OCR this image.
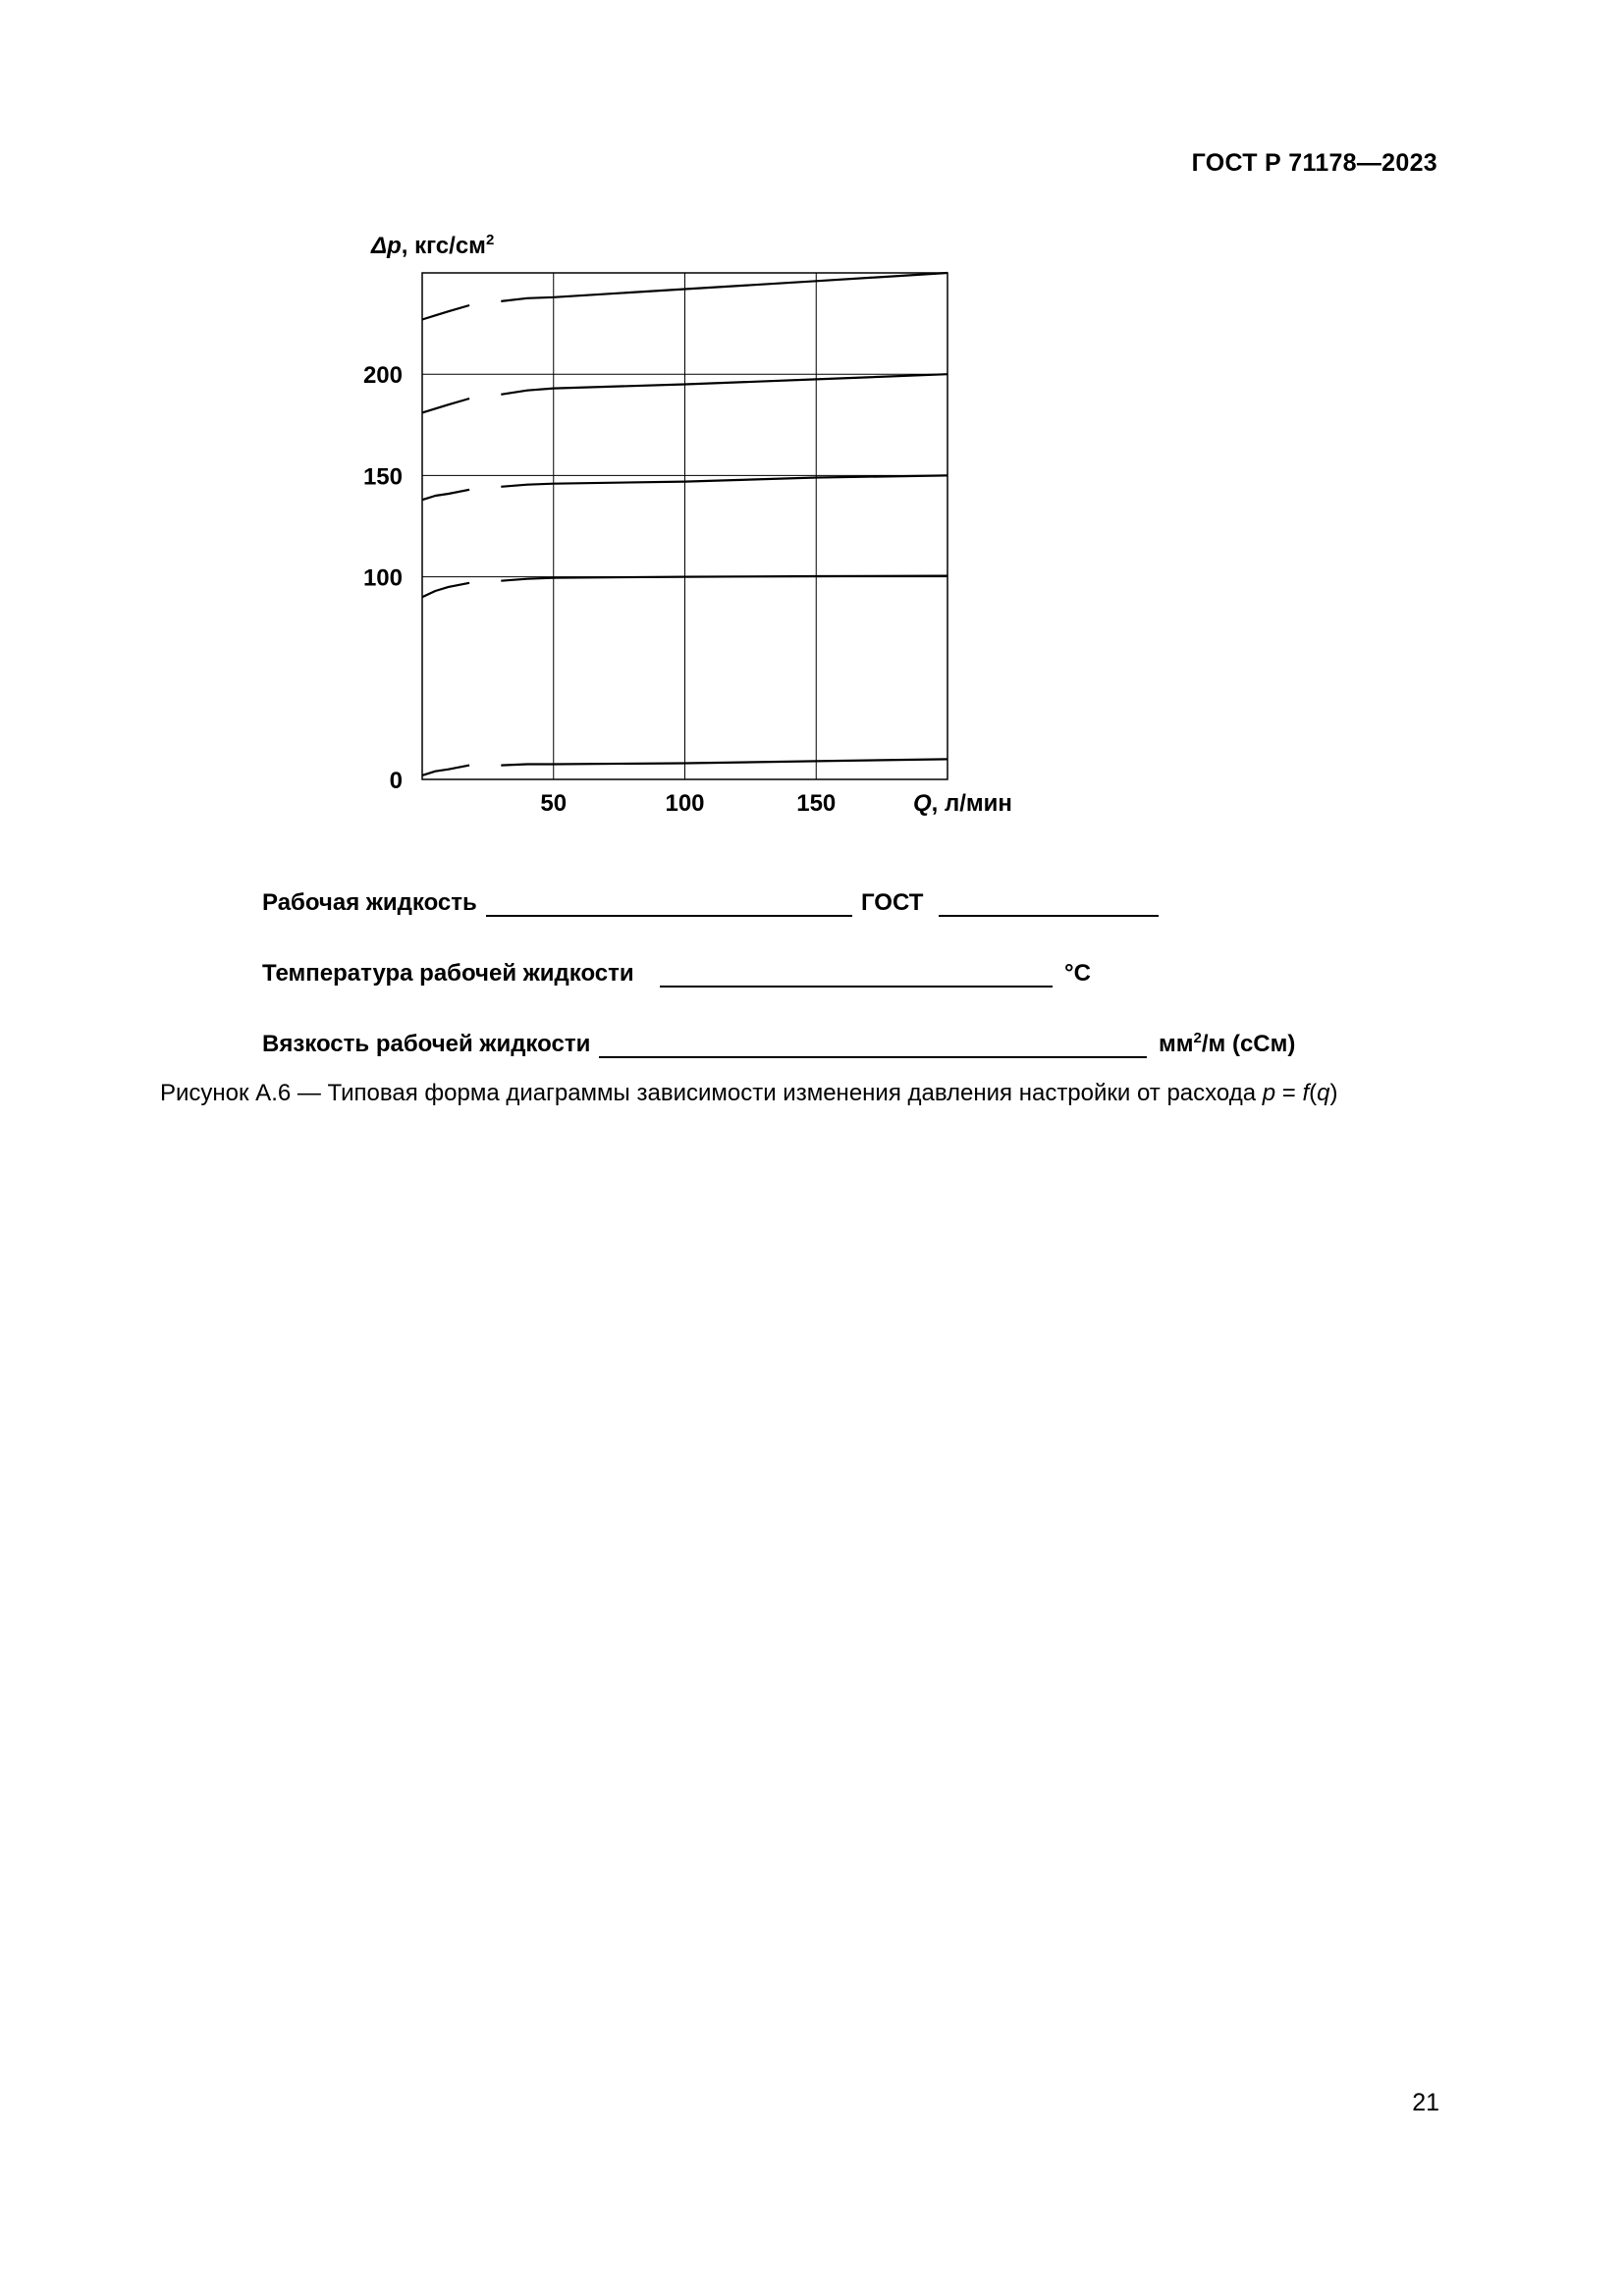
ГОСТ Р 71178—2023
50	100	150
0
100
150
200
Δp, кгс/$см^2$
Q, л/мин
Рабочая жидкость	ГОСТ
Температура рабочей жидкости	°С
Вязкость рабочей жидкости	$мм^2/м$ (сСм)
Рисунок А.6 — Типовая форма диаграммы зависимости изменения давления настройки от расхода p = f(q)
21
